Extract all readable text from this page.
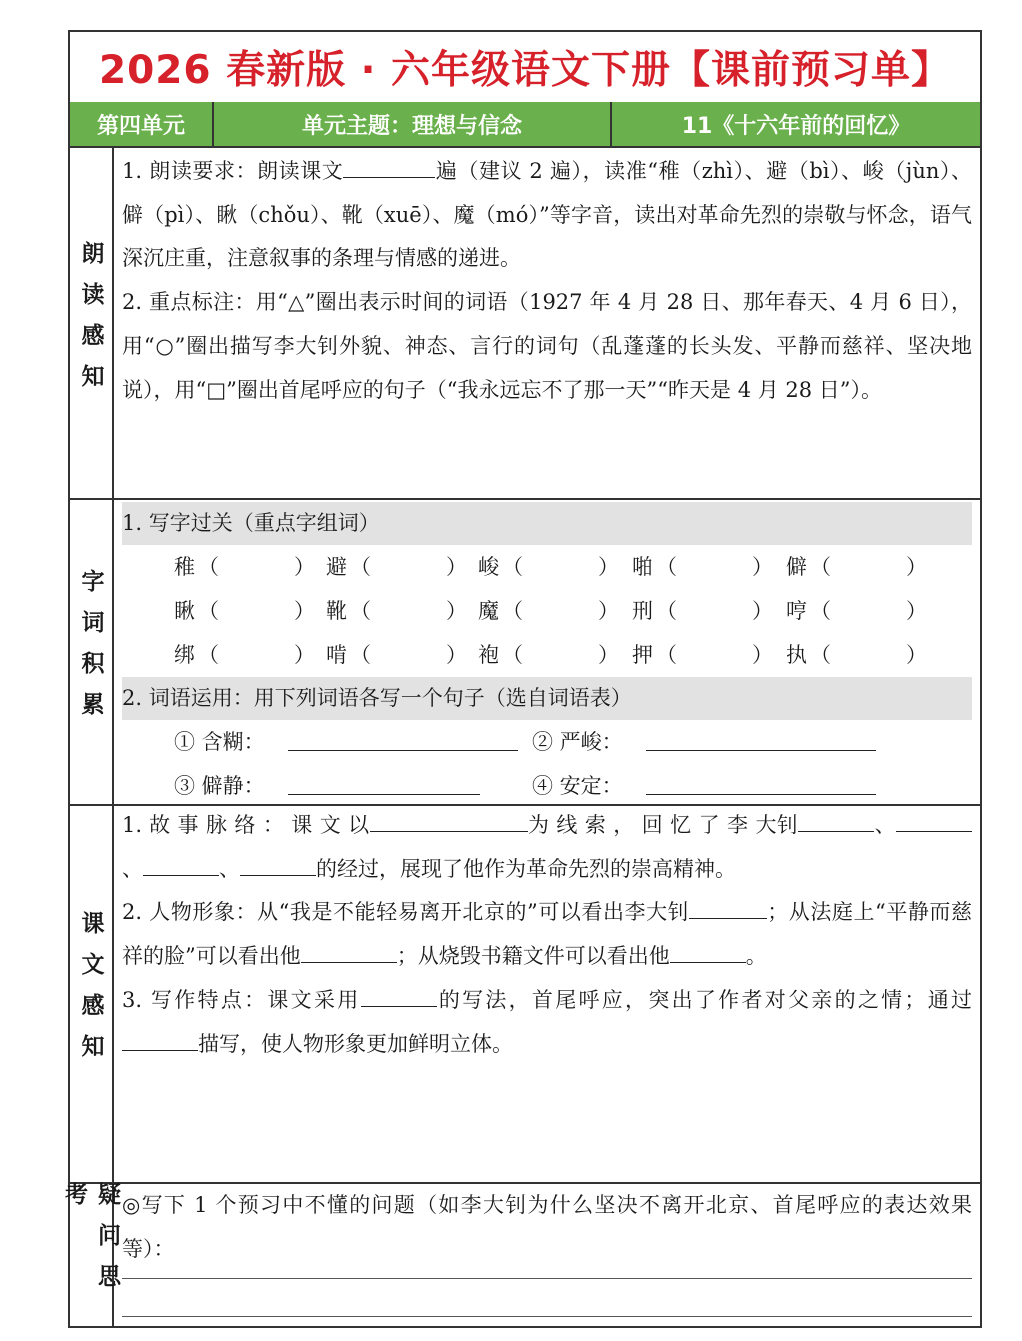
2026 春新版 · 六年级语文下册【课前预习单】
第四单元	单元主题：理想与信念	11《十六年前的回忆》
朗读感知
1. 朗读要求：朗读课文	遍（建议 2 遍），读准“稚（zhì）、避（bì）、峻（jùn）、僻（pì）、瞅（chǒu）、靴（xuē）、魔（mó）”等字音，读出对革命先烈的崇敬与怀念，语气深沉庄重，注意叙事的条理与情感的递进。
2. 重点标注：用“△”圈出表示时间的词语（1927 年 4 月 28 日、那年春天、4 月 6 日），用“○”圈出描写李大钊外貌、神态、言行的词句（乱蓬蓬的长头发、平静而慈祥、坚决地说），用“□”圈出首尾呼应的句子（“我永远忘不了那一天”“昨天是 4 月 28 日”）。
字词积累
1. 写字过关（重点字组词）
稚 （	） 避 （	） 峻 （	） 啪 （	） 僻 （	）
瞅 （	） 靴 （	） 魔 （	） 刑 （	） 哼 （	）
绑 （	） 啃 （	） 袍 （	） 押 （	） 执 （	）
2. 词语运用：用下列词语各写一个句子（选自词语表）
① 含糊：	② 严峻：
③ 僻静：	④ 安定：
课文感知
1. 故 事 脉 络 ： 课 文 以	为 线 索 ， 回 忆 了 李 大钊	、、	、	的经过，展现了他作为革命先烈的崇高精神。
2. 人物形象：从“我是不能轻易离开北京的”可以看出李大钊	；从法庭上“平静而慈祥的脸”可以看出他	；从烧毁书籍文件可以看出他	。
3. 写作特点：课文采用	的写法，首尾呼应，突出了作者对父亲的之情；通过描写，使人物形象更加鲜明立体。
疑问思考	◎写下 1 个预习中不懂的问题（如李大钊为什么坚决不离开北京、首尾呼应的表达效果等）：
